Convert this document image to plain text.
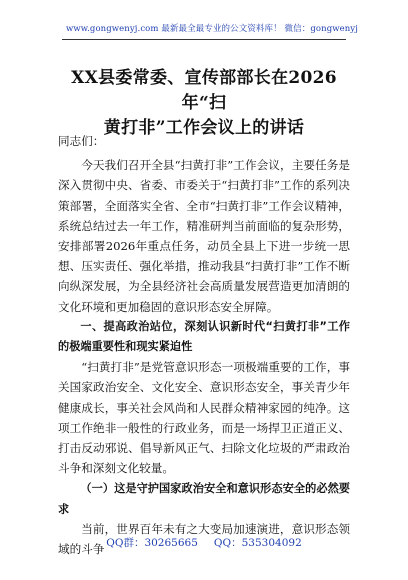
www.gongwenyj.com 最新最全最专业的公文资料库！ 微信：gongwenyj
XX县委常委、宣传部部长在2026年“扫
黄打非”工作会议上的讲话

同志们：

今天我们召开全县“扫黄打非”工作会议，主要任务是深入贯彻中央、省委、市委关于“扫黄打非”工作的系列决策部署，全面落实全省、全市“扫黄打非”工作会议精神，系统总结过去一年工作，精准研判当前面临的复杂形势，安排部署2026年重点任务，动员全县上下进一步统一思想、压实责任、强化举措，推动我县“扫黄打非”工作不断向纵深发展，为全县经济社会高质量发展营造更加清朗的文化环境和更加稳固的意识形态安全屏障。

一、提高政治站位，深刻认识新时代“扫黄打非”工作的极端重要性和现实紧迫性

“扫黄打非”是党管意识形态一项极端重要的工作，事关国家政治安全、文化安全、意识形态安全，事关青少年健康成长，事关社会风尚和人民群众精神家园的纯净。这项工作绝非一般性的行政业务，而是一场捍卫正道正义、打击反动邪说、倡导新风正气、扫除文化垃圾的严肃政治斗争和深刻文化较量。

（一）这是守护国家政治安全和意识形态安全的必然要求

当前，世界百年未有之大变局加速演进，意识形态领域的斗争 QQ群：30265665 QQ：535304092
